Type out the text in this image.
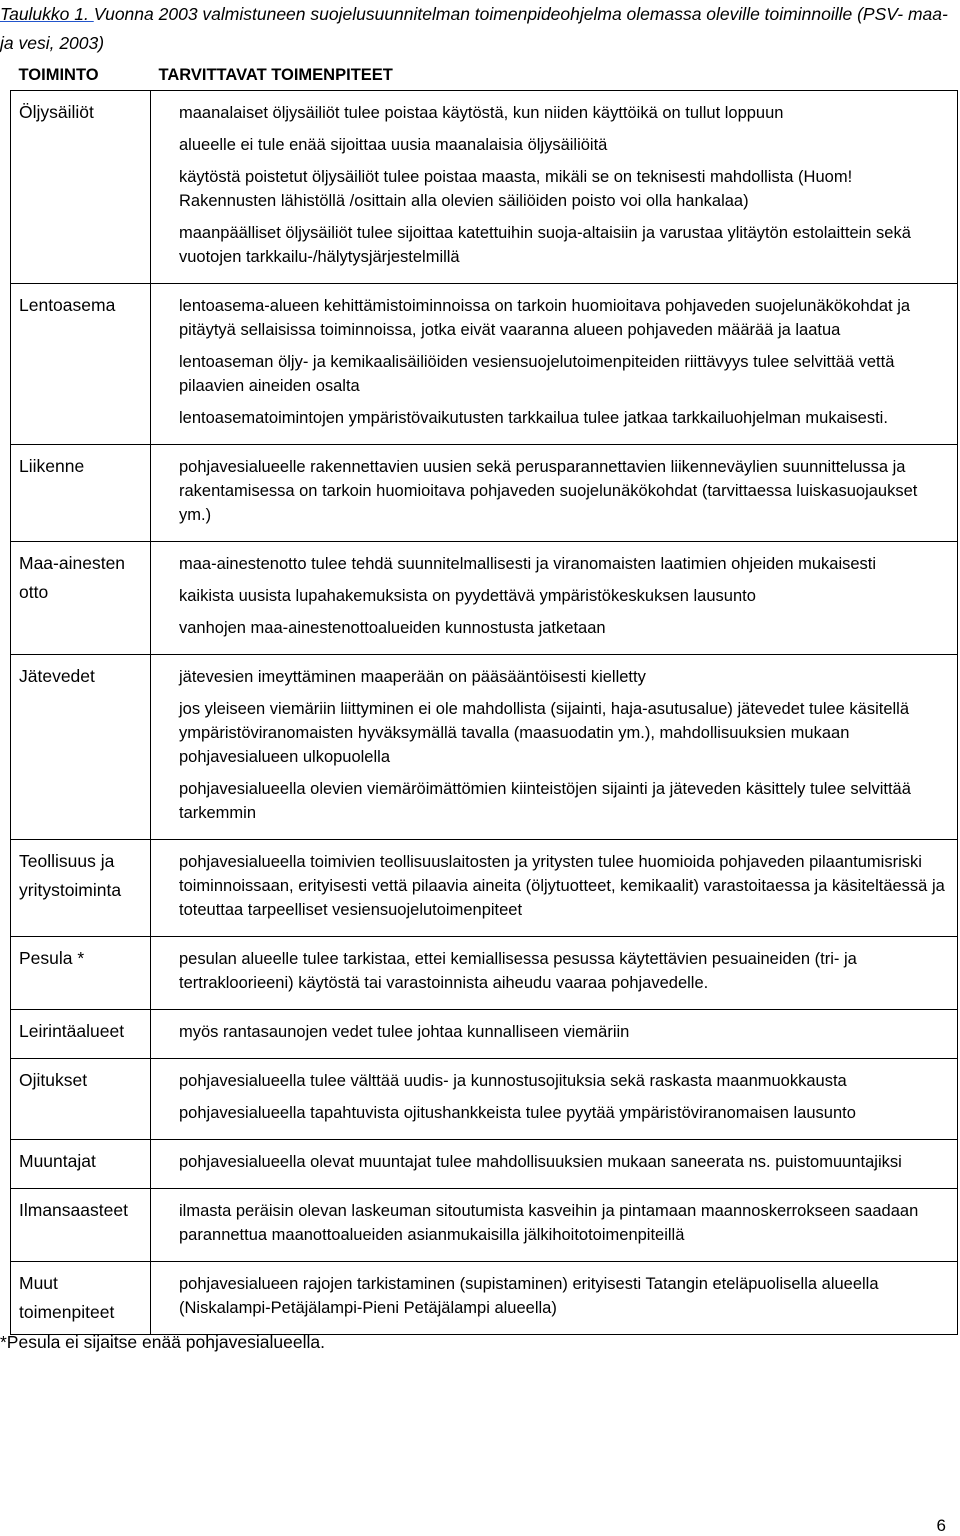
Taulukko 1. Vuonna 2003 valmistuneen suojelusuunnitelman toimenpideohjelma olemassa oleville toiminnoille (PSV- maa- ja vesi, 2003)
TOIMINTO	TARVITTAVAT TOIMENPITEET

Öljysäiliöt	maanalaiset öljysäiliöt tulee poistaa käytöstä, kun niiden käyttöikä on tullut loppuun
alueelle ei tule enää sijoittaa uusia maanalaisia öljysäiliöitä
käytöstä poistetut öljysäiliöt tulee poistaa maasta, mikäli se on teknisesti mahdollista (Huom! Rakennusten lähistöllä /osittain alla olevien säiliöiden poisto voi olla hankalaa)
maanpäälliset öljysäiliöt tulee sijoittaa katettuihin suoja-altaisiin ja varustaa ylitäytön estolaittein sekä vuotojen tarkkailu-/hälytysjärjestelmillä

Lentoasema	lentoasema-alueen kehittämistoiminnoissa on tarkoin huomioitava pohjaveden suojelunäkökohdat ja pitäytyä sellaisissa toiminnoissa, jotka eivät vaaranna alueen pohjaveden määrää ja laatua
lentoaseman öljy- ja kemikaalisäiliöiden vesiensuojelutoimenpiteiden riittävyys tulee selvittää vettä pilaavien aineiden osalta
lentoasematoimintojen ympäristövaikutusten tarkkailua tulee jatkaa tarkkailuohjelman mukaisesti.

Liikenne	pohjavesialueelle rakennettavien uusien sekä perusparannettavien liikenneväylien suunnittelussa ja rakentamisessa on tarkoin huomioitava pohjaveden suojelunäkökohdat (tarvittaessa luiskasuojaukset ym.)

Maa-ainesten otto	maa-ainestenotto tulee tehdä suunnitelmallisesti ja viranomaisten laatimien ohjeiden mukaisesti
kaikista uusista lupahakemuksista on pyydettävä ympäristökeskuksen lausunto
vanhojen maa-ainestenottoalueiden kunnostusta jatketaan

Jätevedet	jätevesien imeyttäminen maaperään on pääsääntöisesti kielletty
jos yleiseen viemäriin liittyminen ei ole mahdollista (sijainti, haja-asutusalue) jätevedet tulee käsitellä ympäristöviranomaisten hyväksymällä tavalla (maasuodatin ym.), mahdollisuuksien mukaan pohjavesialueen ulkopuolella
pohjavesialueella olevien viemäröimättömien kiinteistöjen sijainti ja jäteveden käsittely tulee selvittää tarkemmin

Teollisuus ja yritystoiminta	pohjavesialueella toimivien teollisuuslaitosten ja yritysten tulee huomioida pohjaveden pilaantumisriski toiminnoissaan, erityisesti vettä pilaavia aineita (öljytuotteet, kemikaalit) varastoitaessa ja käsiteltäessä ja toteuttaa tarpeelliset vesiensuojelutoimenpiteet

Pesula *	pesulan alueelle tulee tarkistaa, ettei kemiallisessa pesussa käytettävien pesuaineiden (tri- ja tertrakloorieeni) käytöstä tai varastoinnista aiheudu vaaraa pohjavedelle.

Leirintäalueet	myös rantasaunojen vedet tulee johtaa kunnalliseen viemäriin

Ojitukset	pohjavesialueella tulee välttää uudis- ja kunnostusojituksia sekä raskasta maanmuokkausta
pohjavesialueella tapahtuvista ojitushankkeista tulee pyytää ympäristöviranomaisen lausunto

Muuntajat	pohjavesialueella olevat muuntajat tulee mahdollisuuksien mukaan saneerata ns. puistomuuntajiksi

Ilmansaasteet	ilmasta peräisin olevan laskeuman sitoutumista kasveihin ja pintamaan maannoskerrokseen saadaan parannettua maanottoalueiden asianmukaisilla jälkihoitotoimenpiteillä

Muut toimenpiteet	pohjavesialueen rajojen tarkistaminen (supistaminen) erityisesti Tatangin eteläpuolisella alueella (Niskalampi-Petäjälampi-Pieni Petäjälampi alueella)
*Pesula ei sijaitse enää pohjavesialueella.
6
